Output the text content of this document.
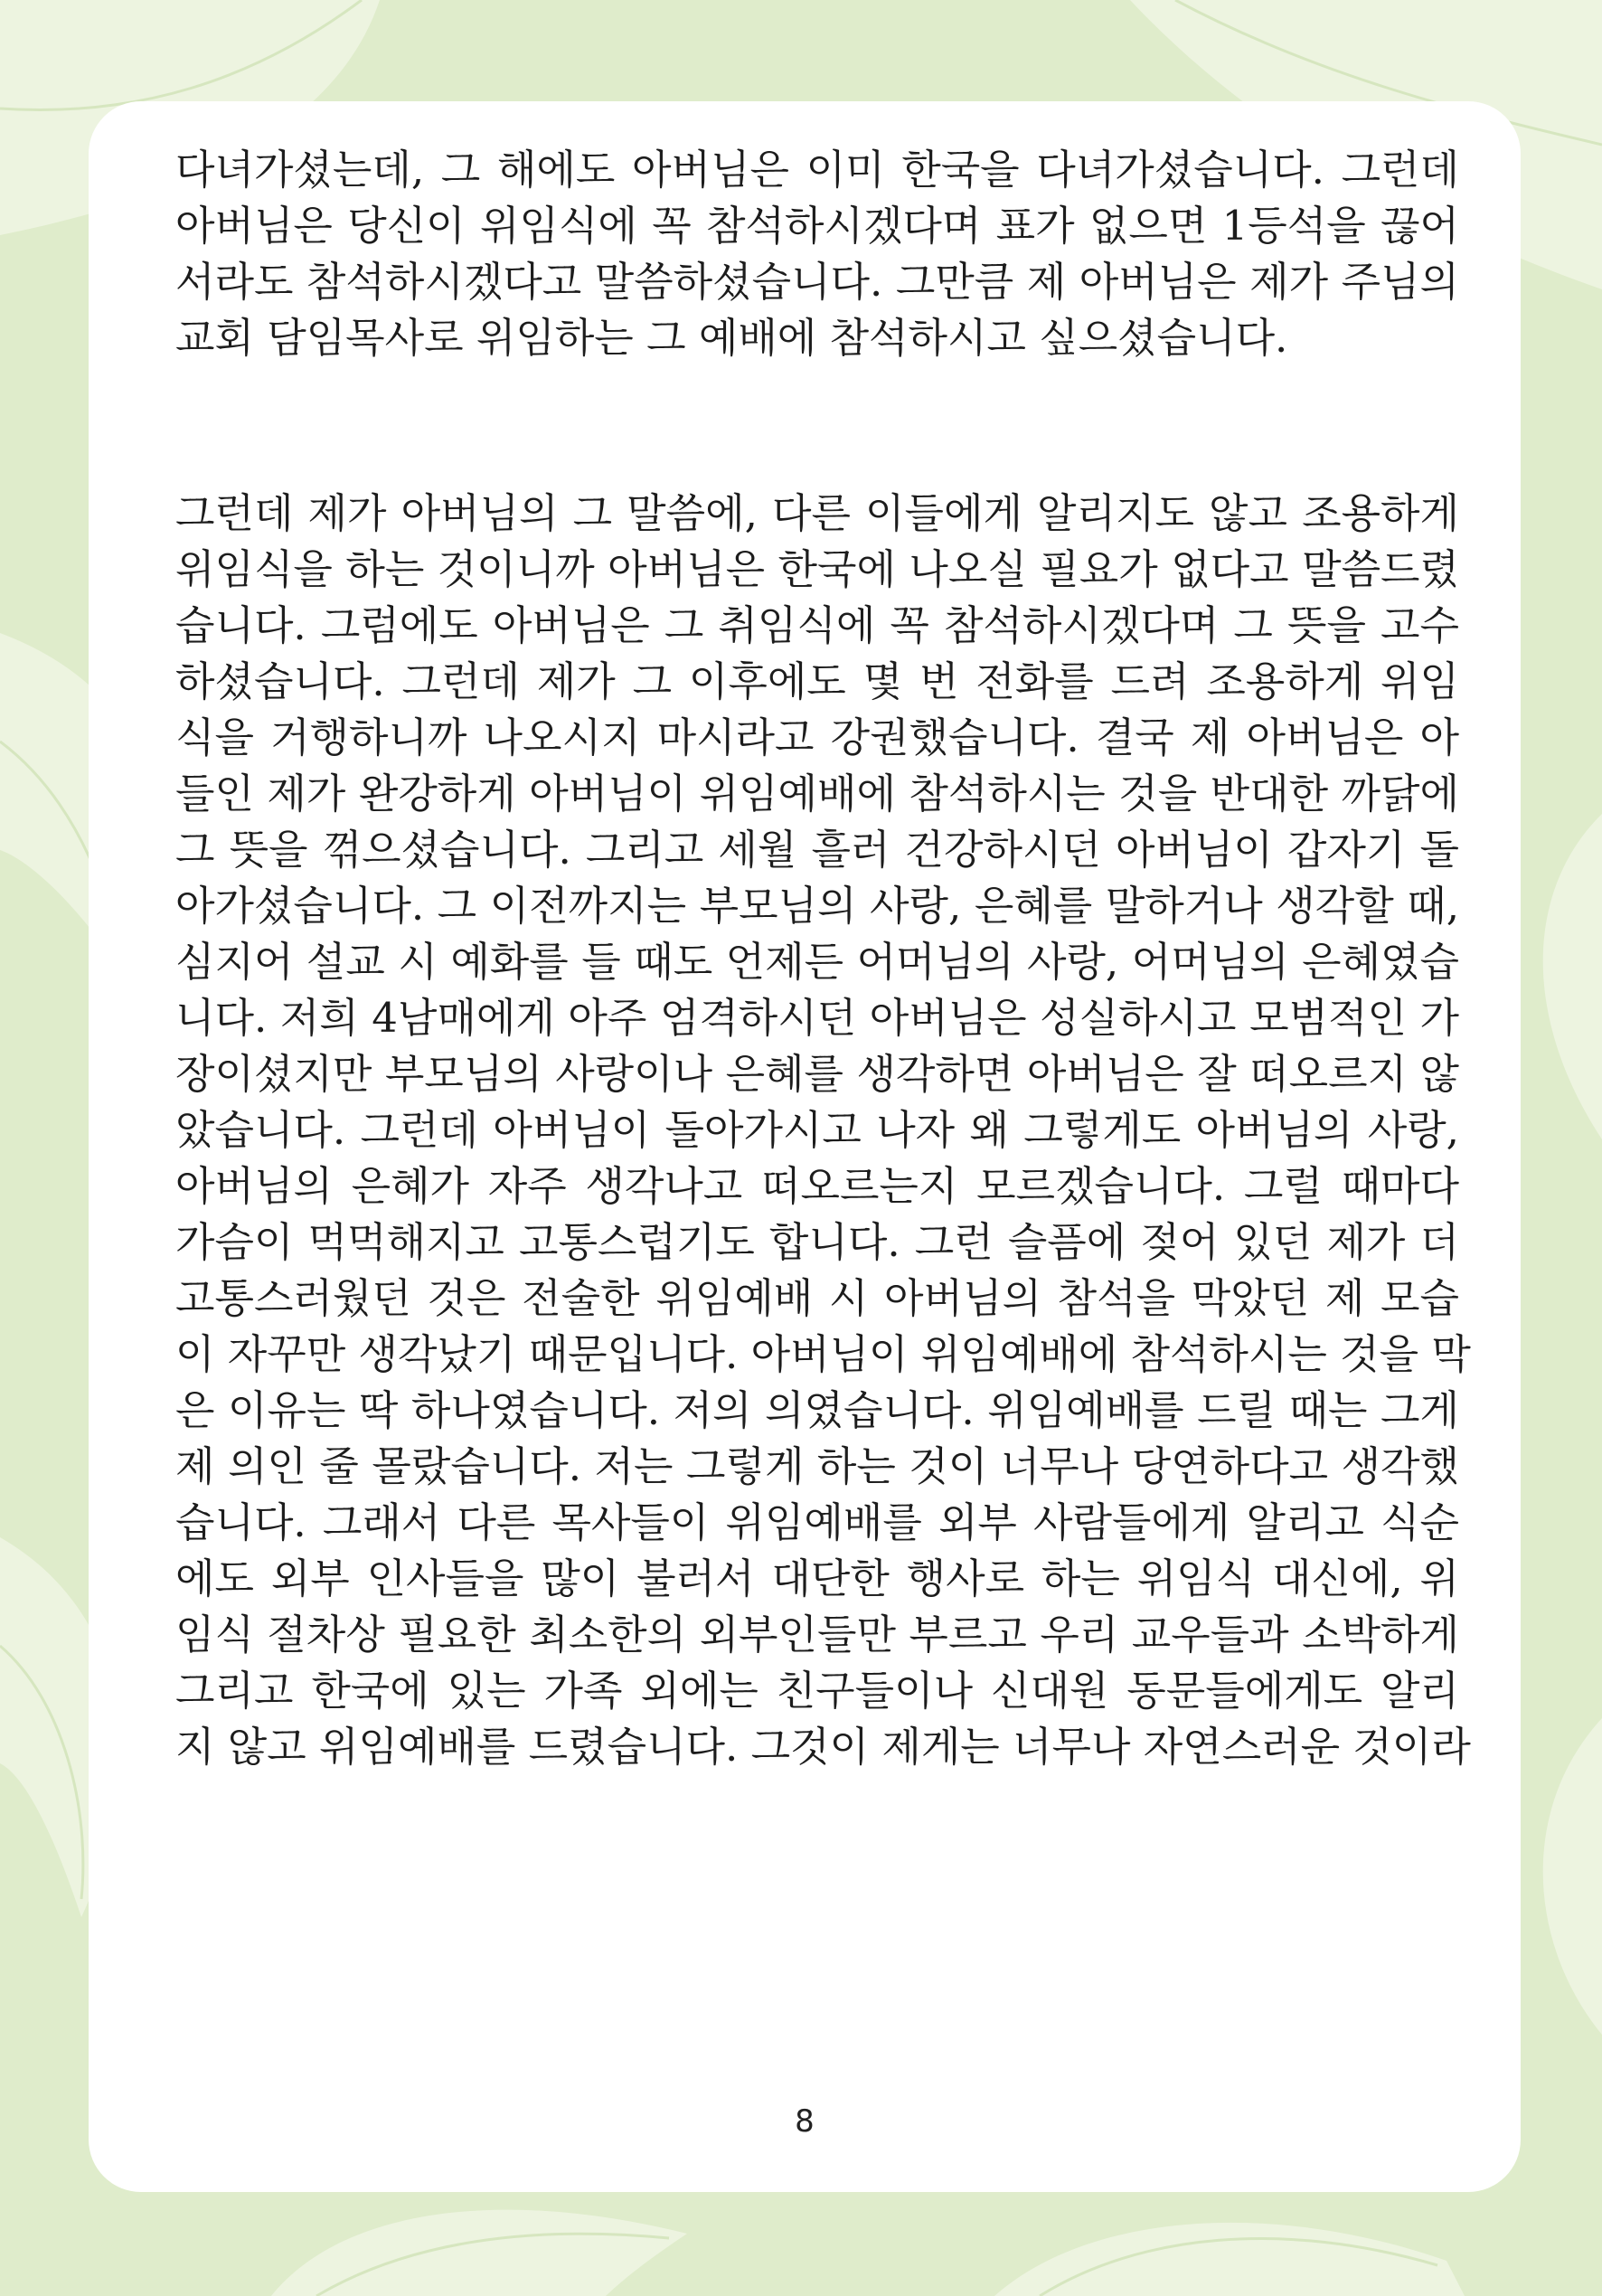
다녀가셨는데, 그 해에도 아버님은 이미 한국을 다녀가셨습니다. 그런데
아버님은 당신이 위임식에 꼭 참석하시겠다며 표가 없으면 1등석을 끊어
서라도 참석하시겠다고 말씀하셨습니다. 그만큼 제 아버님은 제가 주님의
교회 담임목사로 위임하는 그 예배에 참석하시고 싶으셨습니다.
그런데 제가 아버님의 그 말씀에, 다른 이들에게 알리지도 않고 조용하게
위임식을 하는 것이니까 아버님은 한국에 나오실 필요가 없다고 말씀드렸
습니다. 그럼에도 아버님은 그 취임식에 꼭 참석하시겠다며 그 뜻을 고수
하셨습니다. 그런데 제가 그 이후에도 몇 번 전화를 드려 조용하게 위임
식을 거행하니까 나오시지 마시라고 강권했습니다. 결국 제 아버님은 아
들인 제가 완강하게 아버님이 위임예배에 참석하시는 것을 반대한 까닭에
그 뜻을 꺾으셨습니다. 그리고 세월 흘러 건강하시던 아버님이 갑자기 돌
아가셨습니다. 그 이전까지는 부모님의 사랑, 은혜를 말하거나 생각할 때,
심지어 설교 시 예화를 들 때도 언제든 어머님의 사랑, 어머님의 은혜였습
니다. 저희 4남매에게 아주 엄격하시던 아버님은 성실하시고 모범적인 가
장이셨지만 부모님의 사랑이나 은혜를 생각하면 아버님은 잘 떠오르지 않
았습니다. 그런데 아버님이 돌아가시고 나자 왜 그렇게도 아버님의 사랑,
아버님의 은혜가 자주 생각나고 떠오르는지 모르겠습니다. 그럴 때마다
가슴이 먹먹해지고 고통스럽기도 합니다. 그런 슬픔에 젖어 있던 제가 더
고통스러웠던 것은 전술한 위임예배 시 아버님의 참석을 막았던 제 모습
이 자꾸만 생각났기 때문입니다. 아버님이 위임예배에 참석하시는 것을 막
은 이유는 딱 하나였습니다. 저의 의였습니다. 위임예배를 드릴 때는 그게
제 의인 줄 몰랐습니다. 저는 그렇게 하는 것이 너무나 당연하다고 생각했
습니다. 그래서 다른 목사들이 위임예배를 외부 사람들에게 알리고 식순
에도 외부 인사들을 많이 불러서 대단한 행사로 하는 위임식 대신에, 위
임식 절차상 필요한 최소한의 외부인들만 부르고 우리 교우들과 소박하게
그리고 한국에 있는 가족 외에는 친구들이나 신대원 동문들에게도 알리
지 않고 위임예배를 드렸습니다. 그것이 제게는 너무나 자연스러운 것이라
8
